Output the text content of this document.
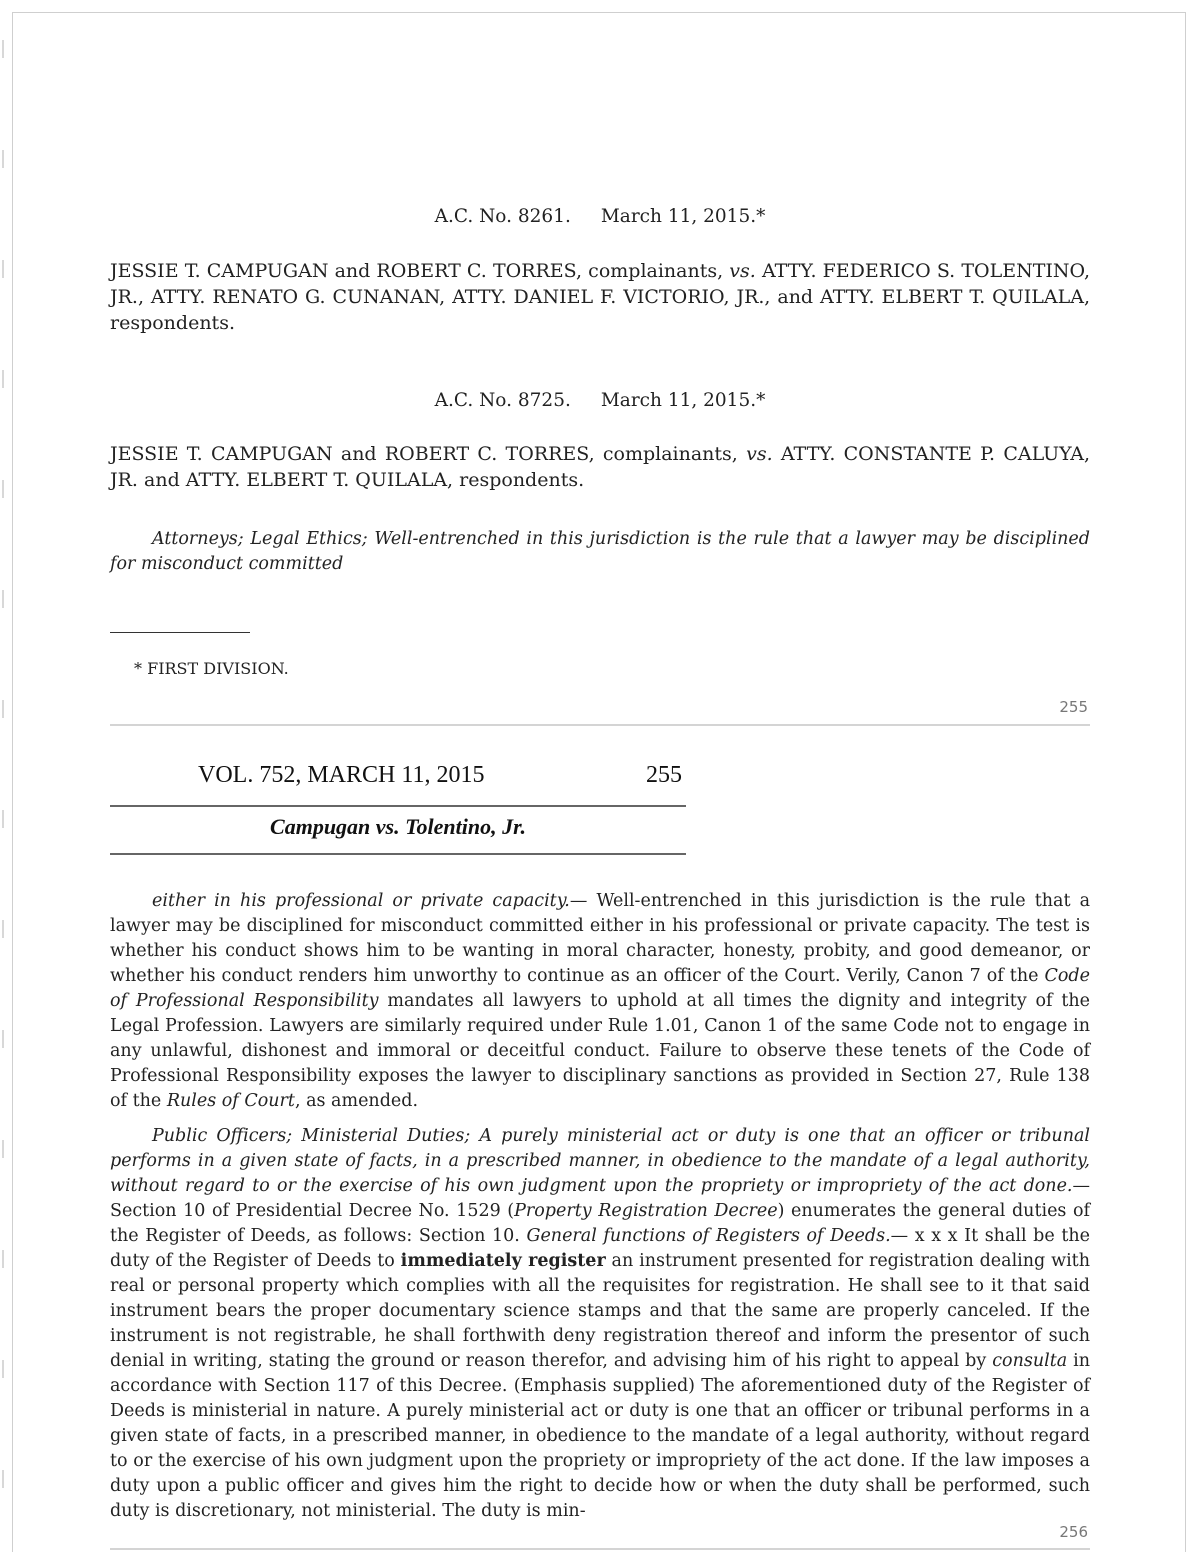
A.C. No. 8261. March 11, 2015.*

JESSIE T. CAMPUGAN and ROBERT C. TORRES, complainants, vs. ATTY. FEDERICO S. TOLENTINO, JR., ATTY. RENATO G. CUNANAN, ATTY. DANIEL F. VICTORIO, JR., and ATTY. ELBERT T. QUILALA, respondents.

A.C. No. 8725. March 11, 2015.*

JESSIE T. CAMPUGAN and ROBERT C. TORRES, complainants, vs. ATTY. CONSTANTE P. CALUYA, JR. and ATTY. ELBERT T. QUILALA, respondents.

Attorneys; Legal Ethics; Well-entrenched in this jurisdiction is the rule that a lawyer may be disciplined for misconduct committed

* FIRST DIVISION.

255
VOL. 752, MARCH 11, 2015	255
Campugan vs. Tolentino, Jr.

either in his professional or private capacity.— Well-entrenched in this jurisdiction is the rule that a lawyer may be disciplined for misconduct committed either in his professional or private capacity. The test is whether his conduct shows him to be wanting in moral character, honesty, probity, and good demeanor, or whether his conduct renders him unworthy to continue as an officer of the Court. Verily, Canon 7 of the Code of Professional Responsibility mandates all lawyers to uphold at all times the dignity and integrity of the Legal Profession. Lawyers are similarly required under Rule 1.01, Canon 1 of the same Code not to engage in any unlawful, dishonest and immoral or deceitful conduct. Failure to observe these tenets of the Code of Professional Responsibility exposes the lawyer to disciplinary sanctions as provided in Section 27, Rule 138 of the Rules of Court, as amended.

Public Officers; Ministerial Duties; A purely ministerial act or duty is one that an officer or tribunal performs in a given state of facts, in a prescribed manner, in obedience to the mandate of a legal authority, without regard to or the exercise of his own judgment upon the propriety or impropriety of the act done.— Section 10 of Presidential Decree No. 1529 (Property Registration Decree) enumerates the general duties of the Register of Deeds, as follows: Section 10. General functions of Registers of Deeds.— x x x It shall be the duty of the Register of Deeds to immediately register an instrument presented for registration dealing with real or personal property which complies with all the requisites for registration. He shall see to it that said instrument bears the proper documentary science stamps and that the same are properly canceled. If the instrument is not registrable, he shall forthwith deny registration thereof and inform the presentor of such denial in writing, stating the ground or reason therefor, and advising him of his right to appeal by consulta in accordance with Section 117 of this Decree. (Emphasis supplied) The aforementioned duty of the Register of Deeds is ministerial in nature. A purely ministerial act or duty is one that an officer or tribunal performs in a given state of facts, in a prescribed manner, in obedience to the mandate of a legal authority, without regard to or the exercise of his own judgment upon the propriety or impropriety of the act done. If the law imposes a duty upon a public officer and gives him the right to decide how or when the duty shall be performed, such duty is discretionary, not ministerial. The duty is min-

256
